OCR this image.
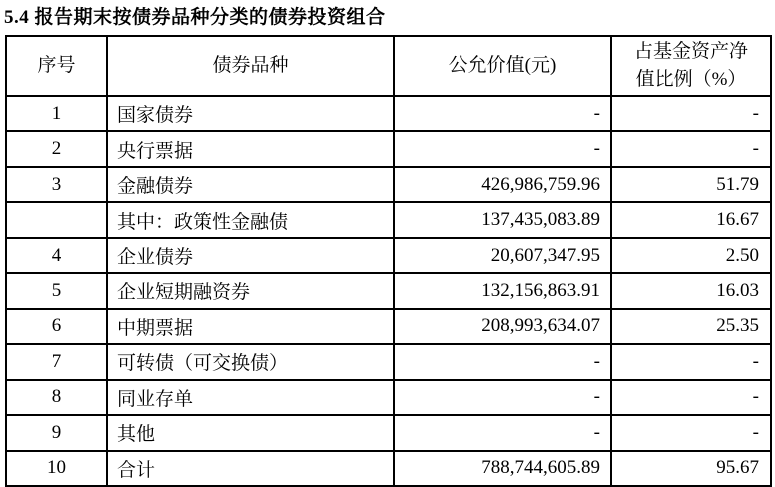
5.4 报告期末按债券品种分类的债券投资组合
序号	债券品种	公允价值(元)	占基金资产净值比例（%）
1	国家债券	-	-
2	央行票据	-	-
3	金融债券	426,986,759.96	51.79
	其中：政策性金融债	137,435,083.89	16.67
4	企业债券	20,607,347.95	2.50
5	企业短期融资券	132,156,863.91	16.03
6	中期票据	208,993,634.07	25.35
7	可转债（可交换债）	-	-
8	同业存单	-	-
9	其他	-	-
10	合计	788,744,605.89	95.67
